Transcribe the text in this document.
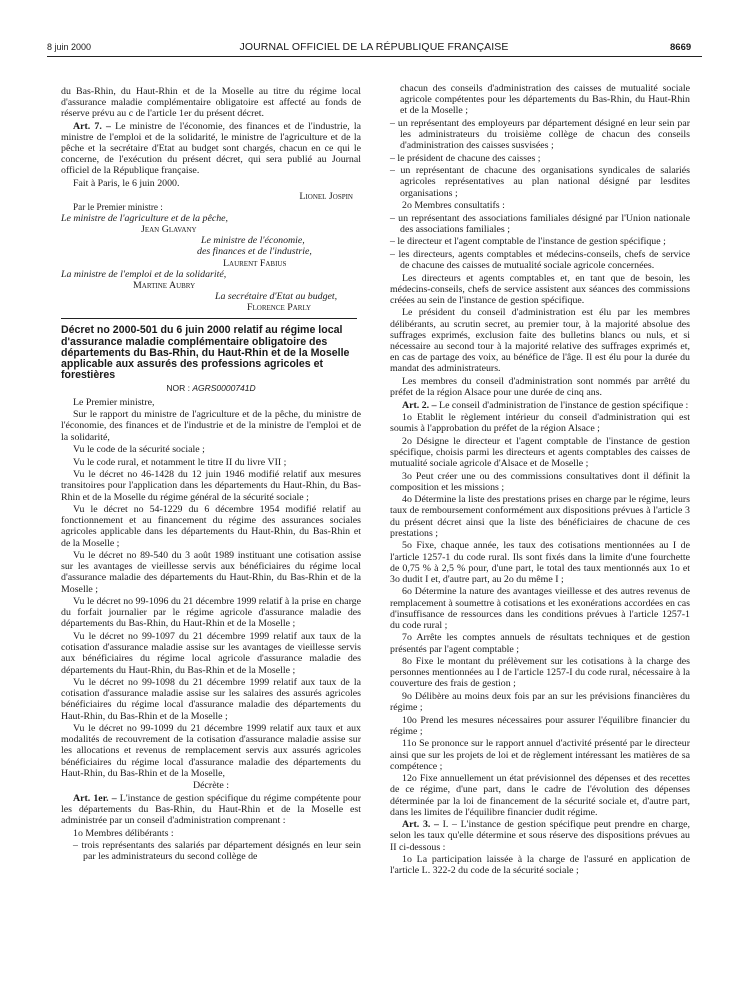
8 juin 2000	JOURNAL OFFICIEL DE LA RÉPUBLIQUE FRANÇAISE	8669

du Bas-Rhin, du Haut-Rhin et de la Moselle au titre du régime local d'assurance maladie complémentaire obligatoire est affecté au fonds de réserve prévu au c de l'article 1er du présent décret.

Art. 7. – Le ministre de l'économie, des finances et de l'industrie, la ministre de l'emploi et de la solidarité, le ministre de l'agriculture et de la pêche et la secrétaire d'Etat au budget sont chargés, chacun en ce qui le concerne, de l'exécution du présent décret, qui sera publié au Journal officiel de la République française.

Fait à Paris, le 6 juin 2000.

Lionel Jospin

Par le Premier ministre :

Le ministre de l'agriculture et de la pêche,

Jean Glavany

Le ministre de l'économie,

des finances et de l'industrie,

Laurent Fabius

La ministre de l'emploi et de la solidarité,

Martine Aubry

La secrétaire d'Etat au budget,

Florence Parly

Décret no 2000-501 du 6 juin 2000 relatif au régime local d'assurance maladie complémentaire obligatoire des départements du Bas-Rhin, du Haut-Rhin et de la Moselle applicable aux assurés des professions agricoles et forestières

NOR : AGRS0000741D

Le Premier ministre,

Sur le rapport du ministre de l'agriculture et de la pêche, du ministre de l'économie, des finances et de l'industrie et de la ministre de l'emploi et de la solidarité,

Vu le code de la sécurité sociale ;

Vu le code rural, et notamment le titre II du livre VII ;

Vu le décret no 46-1428 du 12 juin 1946 modifié relatif aux mesures transitoires pour l'application dans les départements du Haut-Rhin, du Bas-Rhin et de la Moselle du régime général de la sécurité sociale ;

Vu le décret no 54-1229 du 6 décembre 1954 modifié relatif au fonctionnement et au financement du régime des assurances sociales agricoles applicable dans les départements du Haut-Rhin, du Bas-Rhin et de la Moselle ;

Vu le décret no 89-540 du 3 août 1989 instituant une cotisation assise sur les avantages de vieillesse servis aux bénéficiaires du régime local d'assurance maladie des départements du Haut-Rhin, du Bas-Rhin et de la Moselle ;

Vu le décret no 99-1096 du 21 décembre 1999 relatif à la prise en charge du forfait journalier par le régime agricole d'assurance maladie des départements du Bas-Rhin, du Haut-Rhin et de la Moselle ;

Vu le décret no 99-1097 du 21 décembre 1999 relatif aux taux de la cotisation d'assurance maladie assise sur les avantages de vieillesse servis aux bénéficiaires du régime local agricole d'assurance maladie des départements du Haut-Rhin, du Bas-Rhin et de la Moselle ;

Vu le décret no 99-1098 du 21 décembre 1999 relatif aux taux de la cotisation d'assurance maladie assise sur les salaires des assurés agricoles bénéficiaires du régime local d'assurance maladie des départements du Haut-Rhin, du Bas-Rhin et de la Moselle ;

Vu le décret no 99-1099 du 21 décembre 1999 relatif aux taux et aux modalités de recouvrement de la cotisation d'assurance maladie assise sur les allocations et revenus de remplacement servis aux assurés agricoles bénéficiaires du régime local d'assurance maladie des départements du Haut-Rhin, du Bas-Rhin et de la Moselle,

Décrète :

Art. 1er. – L'instance de gestion spécifique du régime compétente pour les départements du Bas-Rhin, du Haut-Rhin et de la Moselle est administrée par un conseil d'administration comprenant :

1o Membres délibérants :

– trois représentants des salariés par département désignés en leur sein par les administrateurs du second collège de

chacun des conseils d'administration des caisses de mutualité sociale agricole compétentes pour les départements du Bas-Rhin, du Haut-Rhin et de la Moselle ;

– un représentant des employeurs par département désigné en leur sein par les administrateurs du troisième collège de chacun des conseils d'administration des caisses susvisées ;

– le président de chacune des caisses ;

– un représentant de chacune des organisations syndicales de salariés agricoles représentatives au plan national désigné par lesdites organisations ;

2o Membres consultatifs :

– un représentant des associations familiales désigné par l'Union nationale des associations familiales ;

– le directeur et l'agent comptable de l'instance de gestion spécifique ;

– les directeurs, agents comptables et médecins-conseils, chefs de service de chacune des caisses de mutualité sociale agricole concernées.

Les directeurs et agents comptables et, en tant que de besoin, les médecins-conseils, chefs de service assistent aux séances des commissions créées au sein de l'instance de gestion spécifique.

Le président du conseil d'administration est élu par les membres délibérants, au scrutin secret, au premier tour, à la majorité absolue des suffrages exprimés, exclusion faite des bulletins blancs ou nuls, et si nécessaire au second tour à la majorité relative des suffrages exprimés et, en cas de partage des voix, au bénéfice de l'âge. Il est élu pour la durée du mandat des administrateurs.

Les membres du conseil d'administration sont nommés par arrêté du préfet de la région Alsace pour une durée de cinq ans.

Art. 2. – Le conseil d'administration de l'instance de gestion spécifique :

1o Etablit le règlement intérieur du conseil d'administration qui est soumis à l'approbation du préfet de la région Alsace ;

2o Désigne le directeur et l'agent comptable de l'instance de gestion spécifique, choisis parmi les directeurs et agents comptables des caisses de mutualité sociale agricole d'Alsace et de Moselle ;

3o Peut créer une ou des commissions consultatives dont il définit la composition et les missions ;

4o Détermine la liste des prestations prises en charge par le régime, leurs taux de remboursement conformément aux dispositions prévues à l'article 3 du présent décret ainsi que la liste des bénéficiaires de chacune de ces prestations ;

5o Fixe, chaque année, les taux des cotisations mentionnées au I de l'article 1257-1 du code rural. Ils sont fixés dans la limite d'une fourchette de 0,75 % à 2,5 % pour, d'une part, le total des taux mentionnés aux 1o et 3o dudit I et, d'autre part, au 2o du même I ;

6o Détermine la nature des avantages vieillesse et des autres revenus de remplacement à soumettre à cotisations et les exonérations accordées en cas d'insuffisance de ressources dans les conditions prévues à l'article 1257-1 du code rural ;

7o Arrête les comptes annuels de résultats techniques et de gestion présentés par l'agent comptable ;

8o Fixe le montant du prélèvement sur les cotisations à la charge des personnes mentionnées au I de l'article 1257-I du code rural, nécessaire à la couverture des frais de gestion ;

9o Délibère au moins deux fois par an sur les prévisions financières du régime ;

10o Prend les mesures nécessaires pour assurer l'équilibre financier du régime ;

11o Se prononce sur le rapport annuel d'activité présenté par le directeur ainsi que sur les projets de loi et de règlement intéressant les matières de sa compétence ;

12o Fixe annuellement un état prévisionnel des dépenses et des recettes de ce régime, d'une part, dans le cadre de l'évolution des dépenses déterminée par la loi de financement de la sécurité sociale et, d'autre part, dans les limites de l'équilibre financier dudit régime.

Art. 3. – I. – L'instance de gestion spécifique peut prendre en charge, selon les taux qu'elle détermine et sous réserve des dispositions prévues au II ci-dessous :

1o La participation laissée à la charge de l'assuré en application de l'article L. 322-2 du code de la sécurité sociale ;
